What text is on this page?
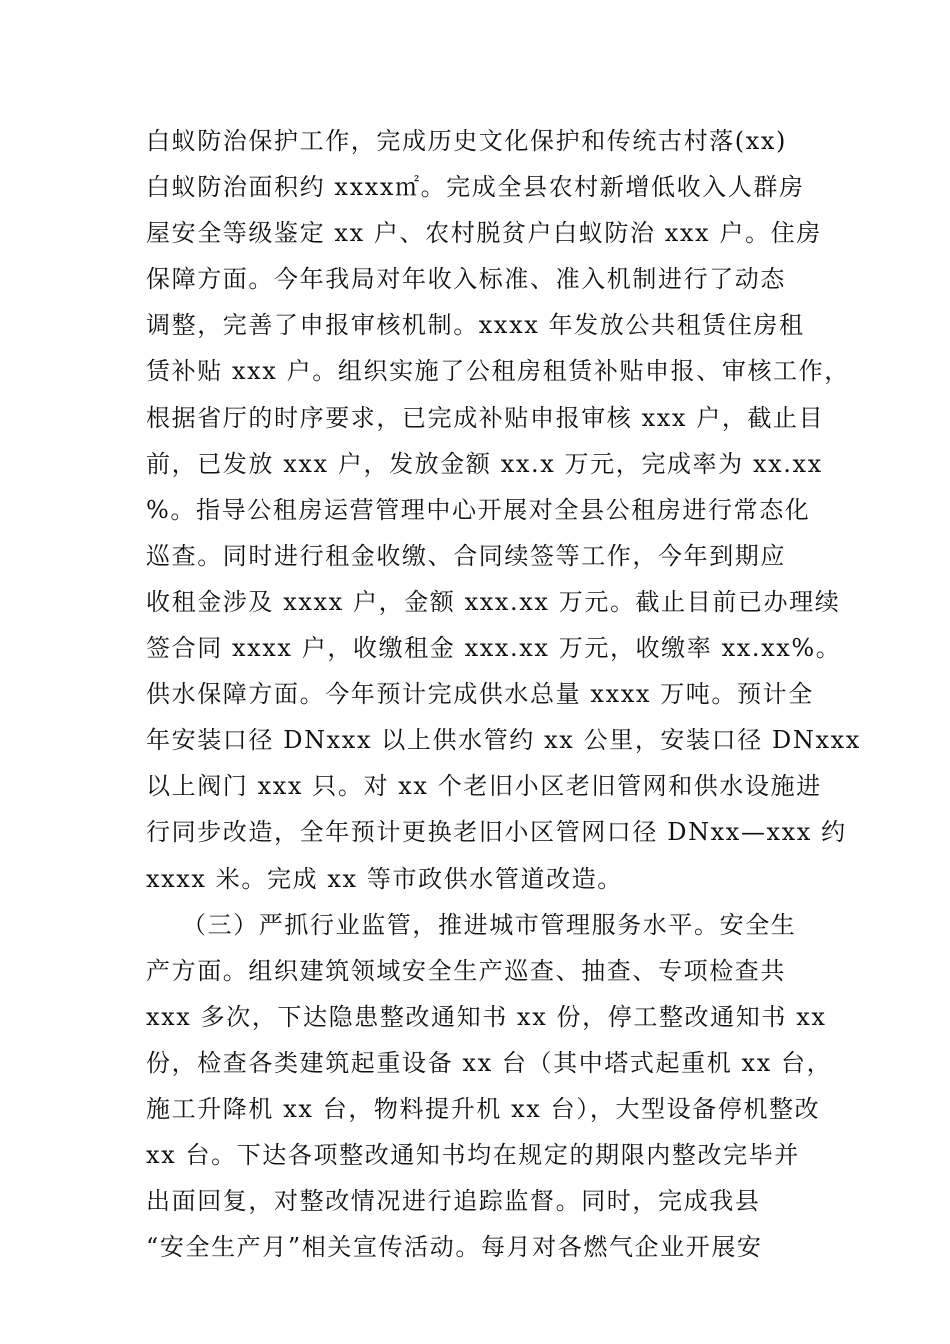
白蚁防治保护工作，完成历史文化保护和传统古村落(xx)
白蚁防治面积约 xxxx㎡。完成全县农村新增低收入人群房
屋安全等级鉴定 xx 户、农村脱贫户白蚁防治 xxx 户。住房
保障方面。今年我局对年收入标准、准入机制进行了动态
调整，完善了申报审核机制。xxxx 年发放公共租赁住房租
赁补贴 xxx 户。组织实施了公租房租赁补贴申报、审核工作，
根据省厅的时序要求，已完成补贴申报审核 xxx 户，截止目
前，已发放 xxx 户，发放金额 xx.x 万元，完成率为 xx.xx
%。指导公租房运营管理中心开展对全县公租房进行常态化
巡查。同时进行租金收缴、合同续签等工作，今年到期应
收租金涉及 xxxx 户，金额 xxx.xx 万元。截止目前已办理续
签合同 xxxx 户，收缴租金 xxx.xx 万元，收缴率 xx.xx%。
供水保障方面。今年预计完成供水总量 xxxx 万吨。预计全
年安装口径 DNxxx 以上供水管约 xx 公里，安装口径 DNxxx
以上阀门 xxx 只。对 xx 个老旧小区老旧管网和供水设施进
行同步改造，全年预计更换老旧小区管网口径 DNxx—xxx 约
xxxx 米。完成 xx 等市政供水管道改造。
（三）严抓行业监管，推进城市管理服务水平。安全生
产方面。组织建筑领域安全生产巡查、抽查、专项检查共
xxx 多次，下达隐患整改通知书 xx 份，停工整改通知书 xx
份，检查各类建筑起重设备 xx 台（其中塔式起重机 xx 台，
施工升降机 xx 台，物料提升机 xx 台），大型设备停机整改
xx 台。下达各项整改通知书均在规定的期限内整改完毕并
出面回复，对整改情况进行追踪监督。同时，完成我县
“安全生产月”相关宣传活动。每月对各燃气企业开展安
